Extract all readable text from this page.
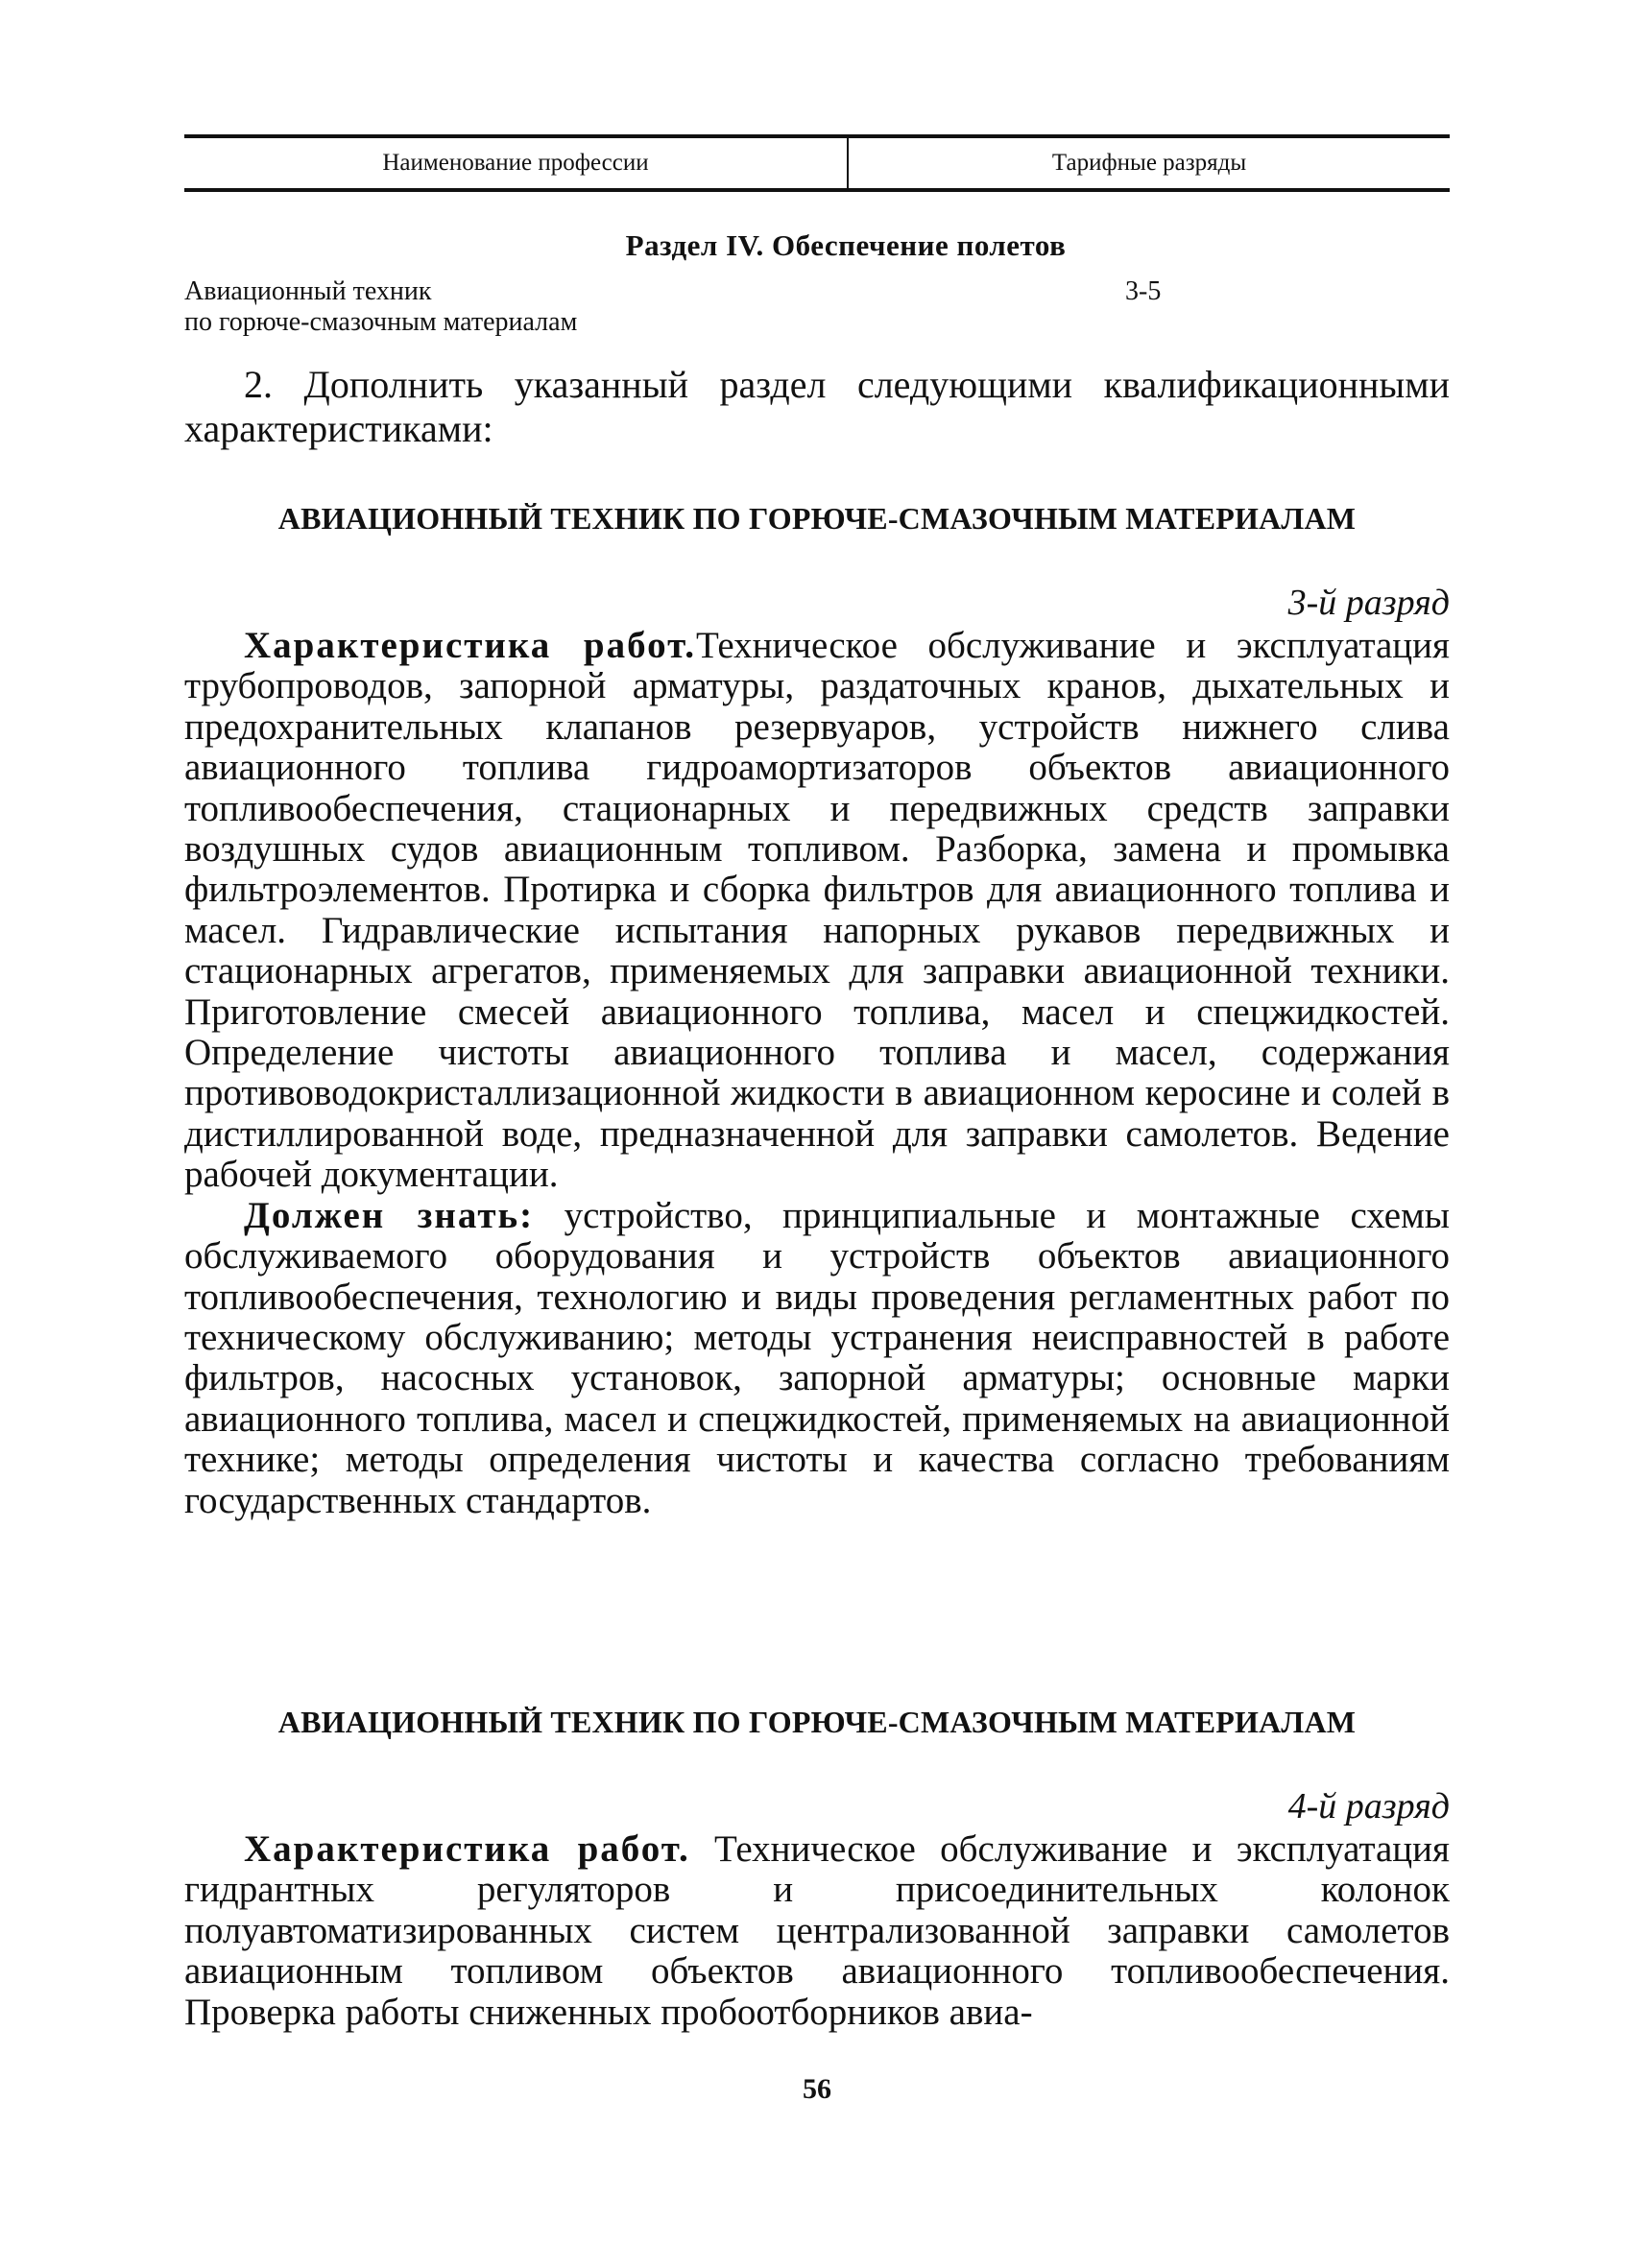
Наименование профессии	Тарифные разряды
Раздел IV. Обеспечение полетов
Авиационный техник
по горюче-смазочным материалам
3-5
2. Дополнить указанный раздел следующими квалификационными характеристиками:
АВИАЦИОННЫЙ ТЕХНИК ПО ГОРЮЧЕ-СМАЗОЧНЫМ МАТЕРИАЛАМ
3-й разряд

Характеристика работ.Техническое обслуживание и эксплуатация трубопроводов, запорной арматуры, раздаточных кранов, дыхательных и предохранительных клапанов резервуаров, устройств нижнего слива авиационного топлива гидроамортизаторов объектов авиационного топливообеспечения, стационарных и передвижных средств заправки воздушных судов авиационным топливом. Разборка, замена и промывка фильтроэлементов. Протирка и сборка фильтров для авиационного топлива и масел. Гидравлические испытания напорных рукавов передвижных и стационарных агрегатов, применяемых для заправки авиационной техники. Приготовление смесей авиационного топлива, масел и спецжидкостей. Определение чистоты авиационного топлива и масел, содержания противоводокристаллизационной жидкости в авиационном керосине и солей в дистиллированной воде, предназначенной для заправки самолетов. Ведение рабочей документации.

Должен знать: устройство, принципиальные и монтажные схемы обслуживаемого оборудования и устройств объектов авиационного топливообеспечения, технологию и виды проведения регламентных работ по техническому обслуживанию; методы устранения неисправностей в работе фильтров, насосных установок, запорной арматуры; основные марки авиационного топлива, масел и спецжидкостей, применяемых на авиационной технике; методы определения чистоты и качества согласно требованиям государственных стандартов.

АВИАЦИОННЫЙ ТЕХНИК ПО ГОРЮЧЕ-СМАЗОЧНЫМ МАТЕРИАЛАМ
4-й разряд

Характеристика работ. Техническое обслуживание и эксплуатация гидрантных регуляторов и присоединительных колонок полуавтоматизированных систем централизованной заправки самолетов авиационным топливом объектов авиационного топливообеспечения. Проверка работы сниженных пробоотборников авиа-

56
